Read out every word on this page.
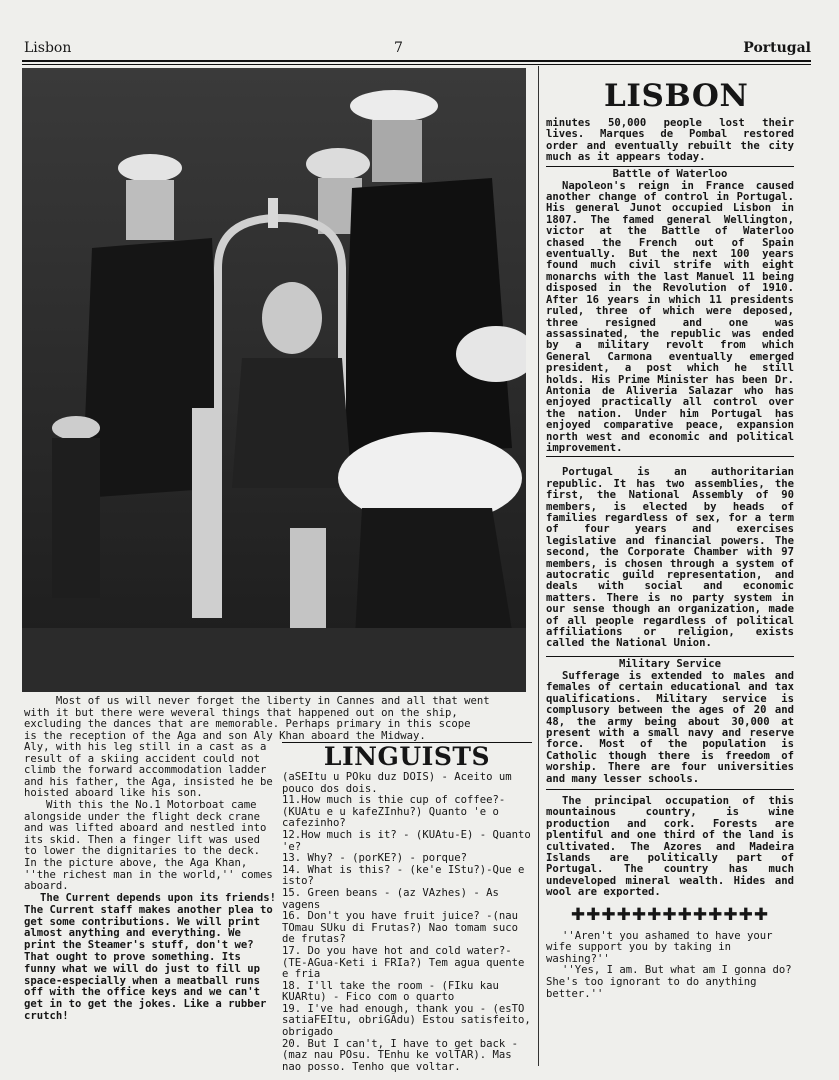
Lisbon	7	Portugal
Most of us will never forget the liberty in Cannes and all that went
with it but there were weveral things that happened out on the ship,
excluding the dances that are memorable. Perhaps primary in this scope
is the reception of the Aga and son Aly Khan aboard the Midway.

Aly, with his leg still in a cast as a result of a skiing accident could not climb the forward accommodation ladder and his father, the Aga, insisted he be hoisted aboard like his son.

With this the No.1 Motorboat came alongside under the flight deck crane and was lifted aboard and nestled into its skid. Then a finger lift was used to lower the dignitaries to the deck. In the picture above, the Aga Khan, ''the richest man in the world,'' comes aboard.

The Current depends upon its friends! The Current staff makes another plea to get some contributions. We will print almost anything and everything. We print the Steamer's stuff, don't we? That ought to prove something. Its funny what we will do just to fill up space-especially when a meatball runs off with the office keys and we can't get in to get the jokes. Like a rubber crutch!
LINGUISTS
(aSEItu u POku duz DOIS) - Aceito um pouco dos dois.
11.How much is thie cup of coffee?-(KUAtu e u kafeZInhu?) Quanto 'e o cafezinho?
12.How much is it? - (KUAtu-E) - Quanto 'e?
13. Why? - (porKE?) - porque?
14. What is this? - (ke'e IStu?)-Que e isto?
15. Green beans - (az VAzhes) - As vagens
16. Don't you have fruit juice? -(nau TOmau SUku di Frutas?) Nao tomam suco de frutas?
17. Do you have hot and cold water?-(TE-AGua-Keti i FRIa?) Tem agua quente e fria
18. I'll take the room - (FIku kau KUARtu) - Fico com o quarto
19. I've had enough, thank you - (esTO satiaFEItu, obriGAdu) Estou satisfeito, obrigado
20. But I can't, I have to get back - (maz nau POsu. TEnhu ke volTAR). Mas nao posso. Tenho que voltar.
LISBON

minutes 50,000 people lost their lives. Marques de Pombal restored order and eventually rebuilt the city much as it appears today.

Battle of Waterloo

Napoleon's reign in France caused another change of control in Portugal. His general Junot occupied Lisbon in 1807. The famed general Wellington, victor at the Battle of Waterloo chased the French out of Spain eventually. But the next 100 years found much civil strife with eight monarchs with the last Manuel 11 being disposed in the Revolution of 1910. After 16 years in which 11 presidents ruled, three of which were deposed, three resigned and one was assassinated, the republic was ended by a military revolt from which General Carmona eventually emerged president, a post which he still holds. His Prime Minister has been Dr. Antonia de Aliveria Salazar who has enjoyed practically all control over the nation. Under him Portugal has enjoyed comparative peace, expansion north west and economic and political improvement.

Portugal is an authoritarian republic. It has two assemblies, the first, the National Assembly of 90 members, is elected by heads of families regardless of sex, for a term of four years and exercises legislative and financial powers. The second, the Corporate Chamber with 97 members, is chosen through a system of autocratic guild representation, and deals with social and economic matters. There is no party system in our sense though an organization, made of all people regardless of political affiliations or religion, exists called the National Union.

Military Service

Sufferage is extended to males and females of certain educational and tax qualifications. Military service is complusory between the ages of 20 and 48, the army being about 30,000 at present with a small navy and reserve force. Most of the population is Catholic though there is freedom of worship. There are four universities and many lesser schools.

The principal occupation of this mountainous country, is wine production and cork. Forests are plentiful and one third of the land is cultivated. The Azores and Madeira Islands are politically part of Portugal. The country has much undeveloped mineral wealth. Hides and wool are exported.

✚✚✚✚✚✚✚✚✚✚✚✚✚

''Aren't you ashamed to have your wife support you by taking in washing?''

''Yes, I am. But what am I gonna do? She's too ignorant to do anything better.''
